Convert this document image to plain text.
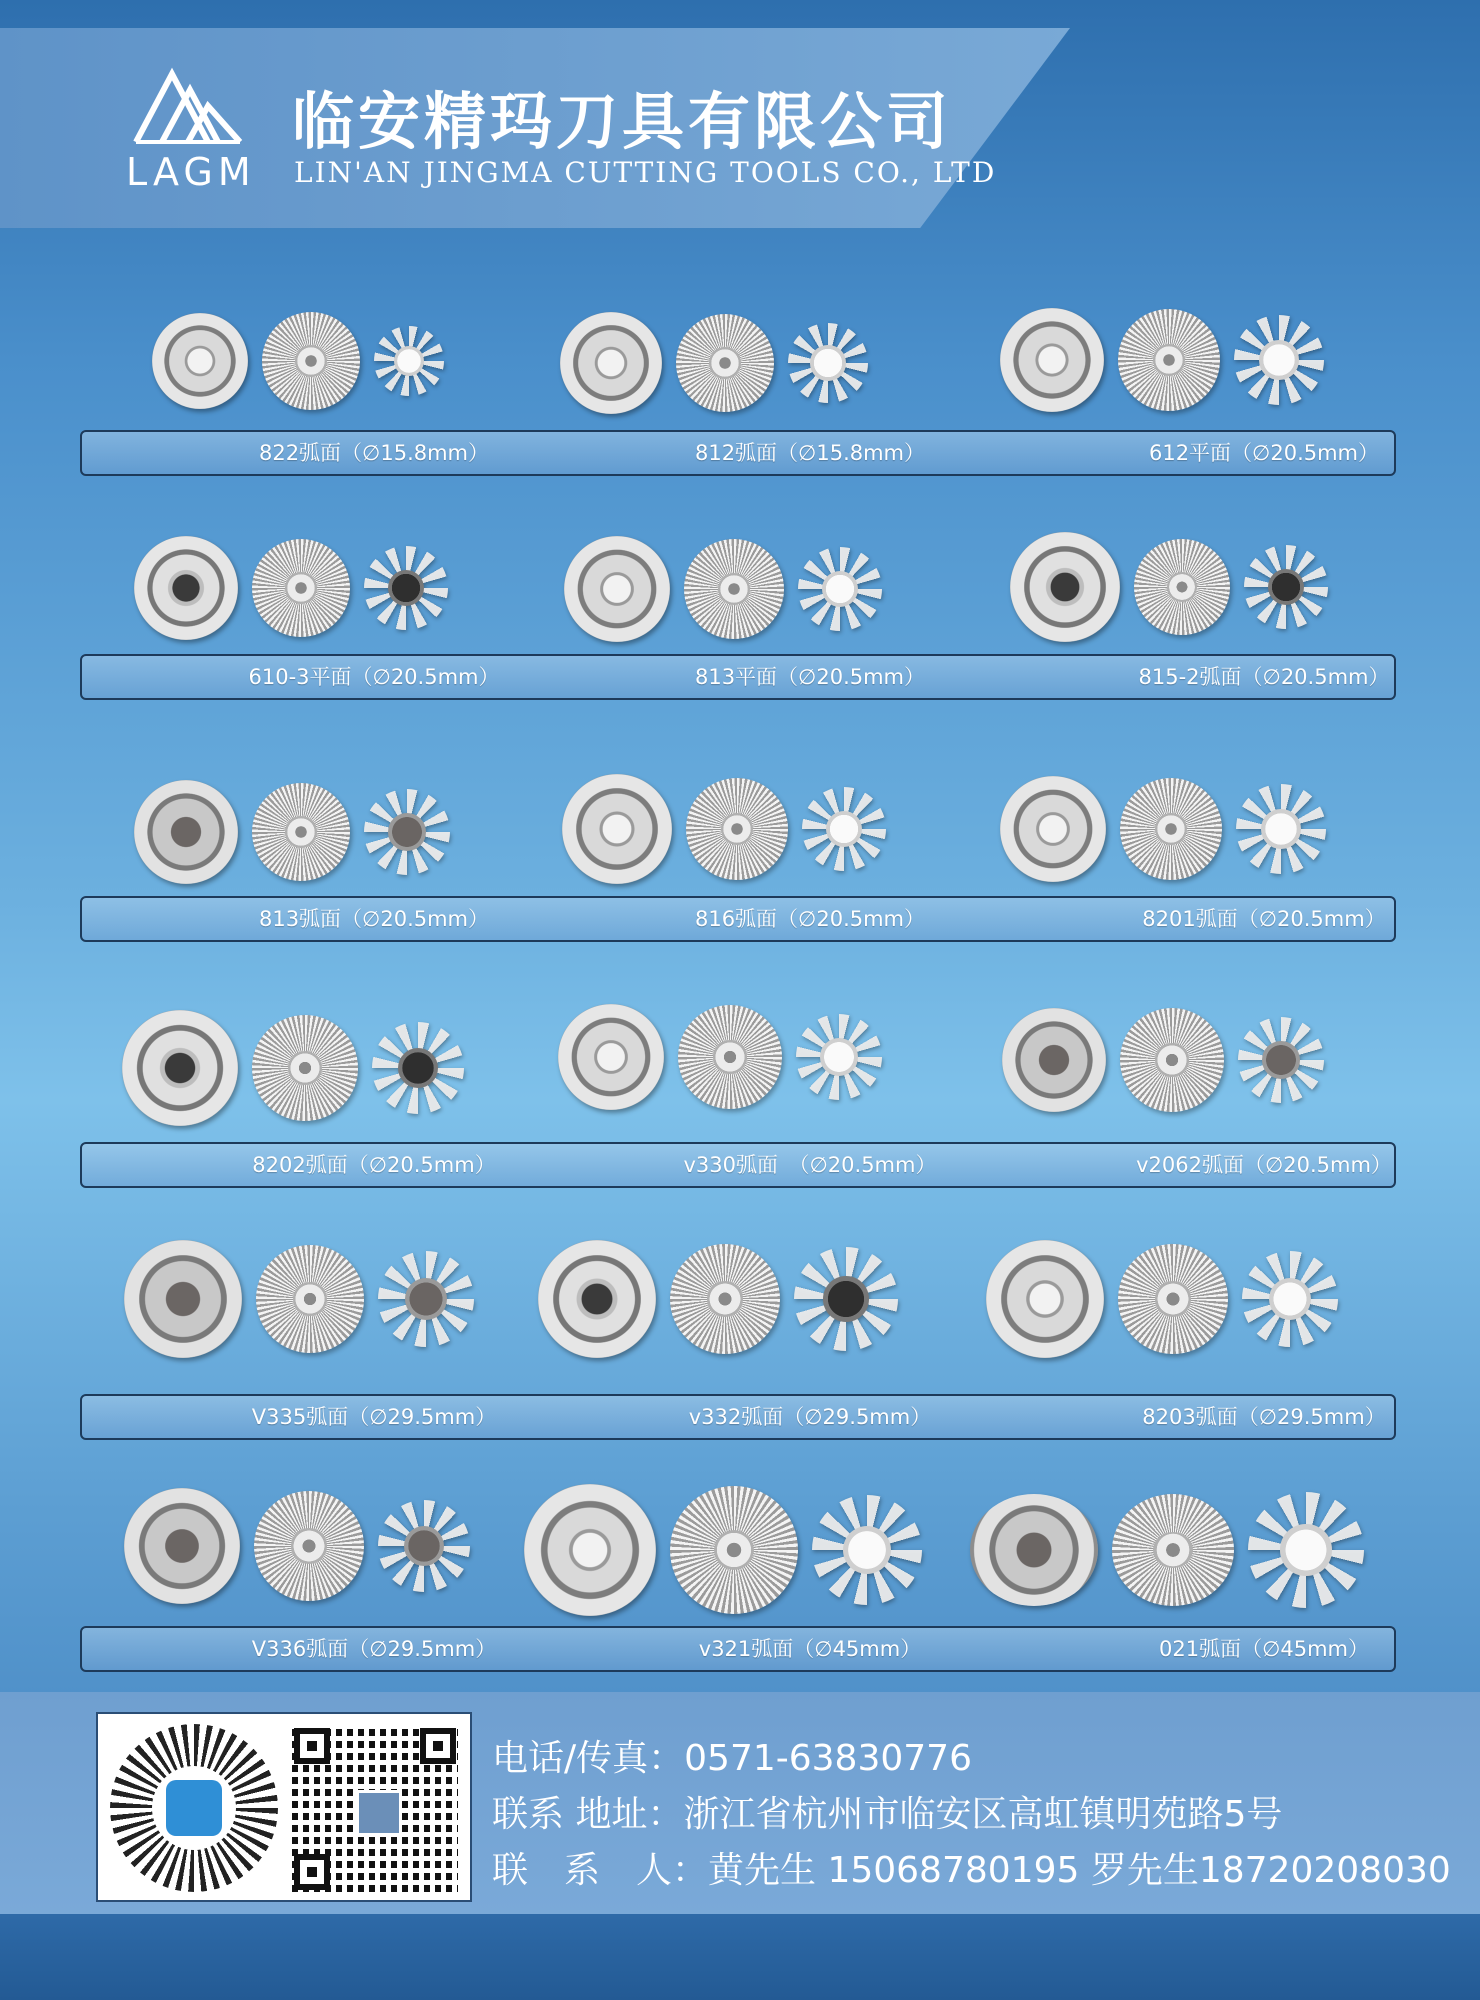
LAGM
临安精玛刀具有限公司
LIN'AN JINGMA CUTTING TOOLS CO., LTD
822弧面（∅15.8mm）	812弧面（∅15.8mm）	612平面（∅20.5mm）
610-3平面（∅20.5mm）	813平面（∅20.5mm）	815-2弧面（∅20.5mm）
813弧面（∅20.5mm）	816弧面（∅20.5mm）	8201弧面（∅20.5mm）
8202弧面（∅20.5mm）	v330弧面　（∅20.5mm）	v2062弧面（∅20.5mm）
V335弧面（∅29.5mm）	v332弧面（∅29.5mm）	8203弧面（∅29.5mm）
V336弧面（∅29.5mm）	v321弧面（∅45mm）	021弧面（∅45mm）
电话/传真：0571-63830776
联系 地址：浙江省杭州市临安区高虹镇明苑路5号
联　系　人：黄先生 15068780195 罗先生18720208030
